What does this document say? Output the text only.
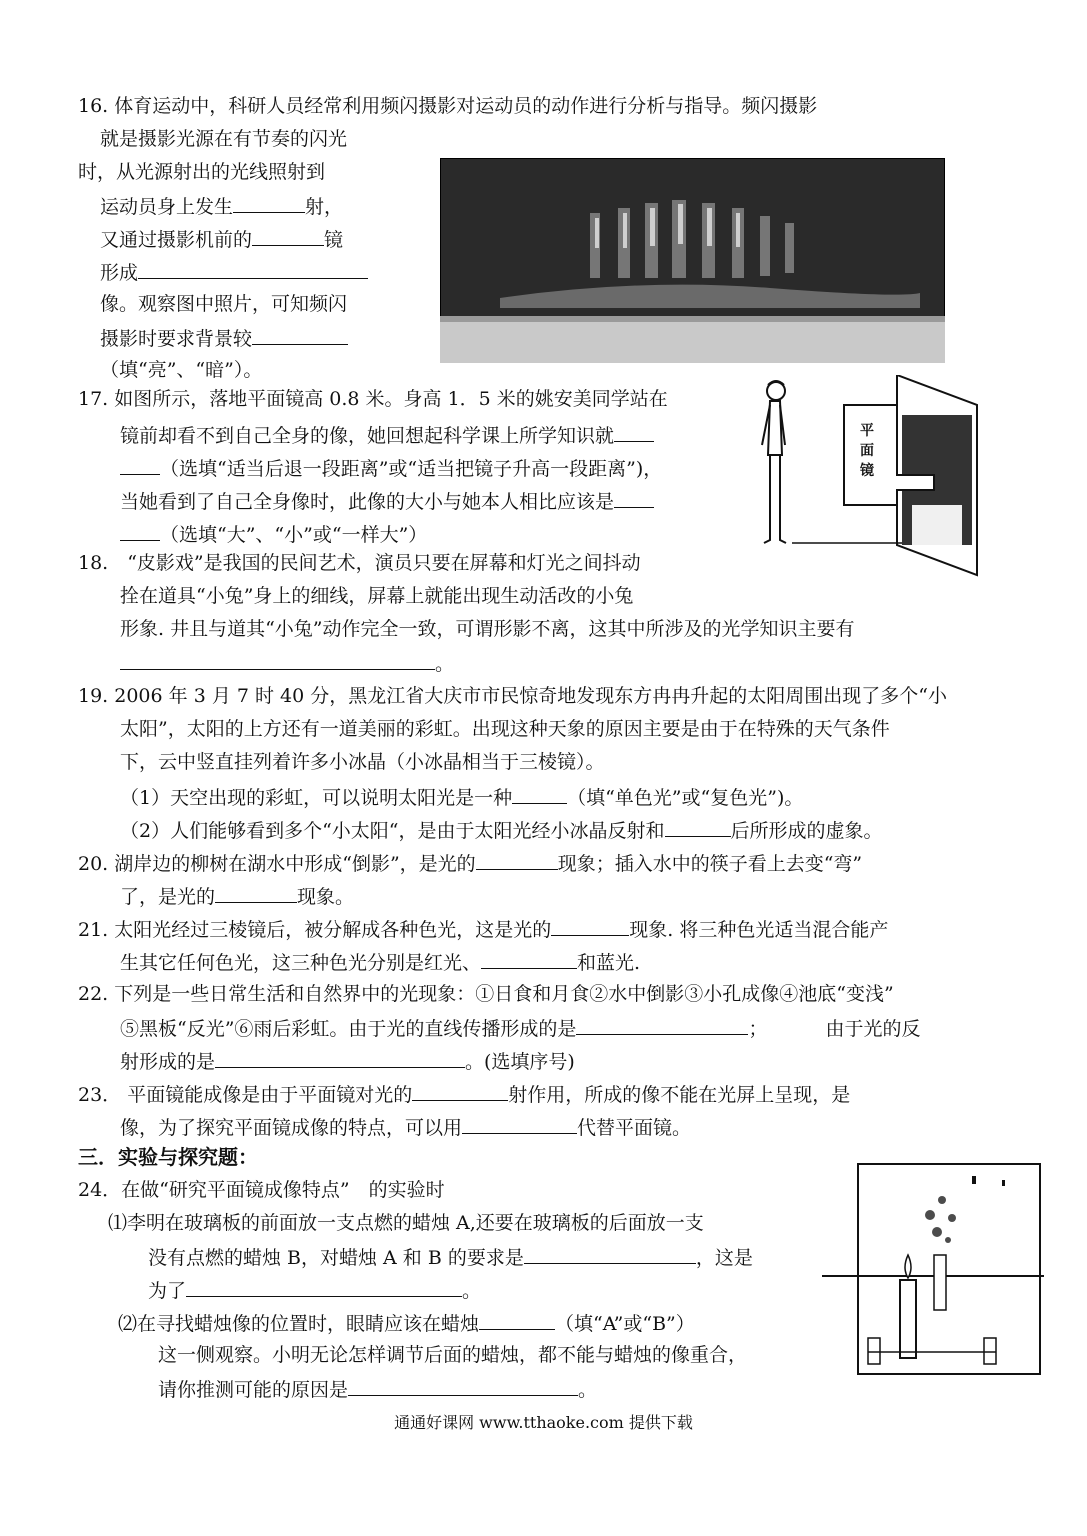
16. 体育运动中，科研人员经常利用频闪摄影对运动员的动作进行分析与指导。频闪摄影
就是摄影光源在有节奏的闪光
时，从光源射出的光线照射到
运动员身上发生	射，
又通过摄影机前的	镜
形成
像。观察图中照片，可知频闪
摄影时要求背景较
（填“亮”、“暗”）。
17. 如图所示，落地平面镜高 0.8 米。身高 1．5 米的姚安美同学站在
镜前却看不到自己全身的像，她回想起科学课上所学知识就
（选填“适当后退一段距离”或“适当把镜子升高一段距离”)，
当她看到了自己全身像时，此像的大小与她本人相比应该是
（选填“大”、“小”或“一样大”）
平
面
镜
18.　“皮影戏”是我国的民间艺术，演员只要在屏幕和灯光之间抖动
拴在道具“小兔”身上的细线，屏幕上就能出现生动活改的小兔
形象. 井且与道其“小兔”动作完全一致，可谓形影不离，这其中所涉及的光学知识主要有
。
19. 2006 年 3 月 7 时 40 分，黑龙江省大庆市市民惊奇地发现东方冉冉升起的太阳周围出现了多个“小
太阳”，太阳的上方还有一道美丽的彩虹。出现这种天象的原因主要是由于在特殊的天气条件
下，云中竖直挂列着许多小冰晶（小冰晶相当于三棱镜）。
（1）天空出现的彩虹，可以说明太阳光是一种	（填“单色光”或“复色光”)。
（2）人们能够看到多个“小太阳“，是由于太阳光经小冰晶反射和	后所形成的虚象。
20. 湖岸边的柳树在湖水中形成“倒影”，是光的	现象；插入水中的筷子看上去变“弯”
了，是光的	现象。
21. 太阳光经过三棱镜后，被分解成各种色光，这是光的	现象. 将三种色光适当混合能产
生其它任何色光，这三种色光分别是红光、	和蓝光.
22. 下列是一些日常生活和自然界中的光现象：①日食和月食②水中倒影③小孔成像④池底“变浅”
⑤黑板“反光”⑥雨后彩虹。由于光的直线传播形成的是	；	由于光的反
射形成的是	。(选填序号)
23． 平面镜能成像是由于平面镜对光的	射作用，所成的像不能在光屏上呈现，是
像，为了探究平面镜成像的特点，可以用	代替平面镜。
三．实验与探究题：
24．在做“研究平面镜成像特点”　的实验时
⑴李明在玻璃板的前面放一支点燃的蜡烛 A,还要在玻璃板的后面放一支
没有点燃的蜡烛 B，对蜡烛 A 和 B 的要求是	，这是
为了	。
⑵在寻找蜡烛像的位置时，眼睛应该在蜡烛	（填“A”或“B”）
这一侧观察。小明无论怎样调节后面的蜡烛，都不能与蜡烛的像重合，
请你推测可能的原因是	。
通通好课网 www.tthaoke.com 提供下载
